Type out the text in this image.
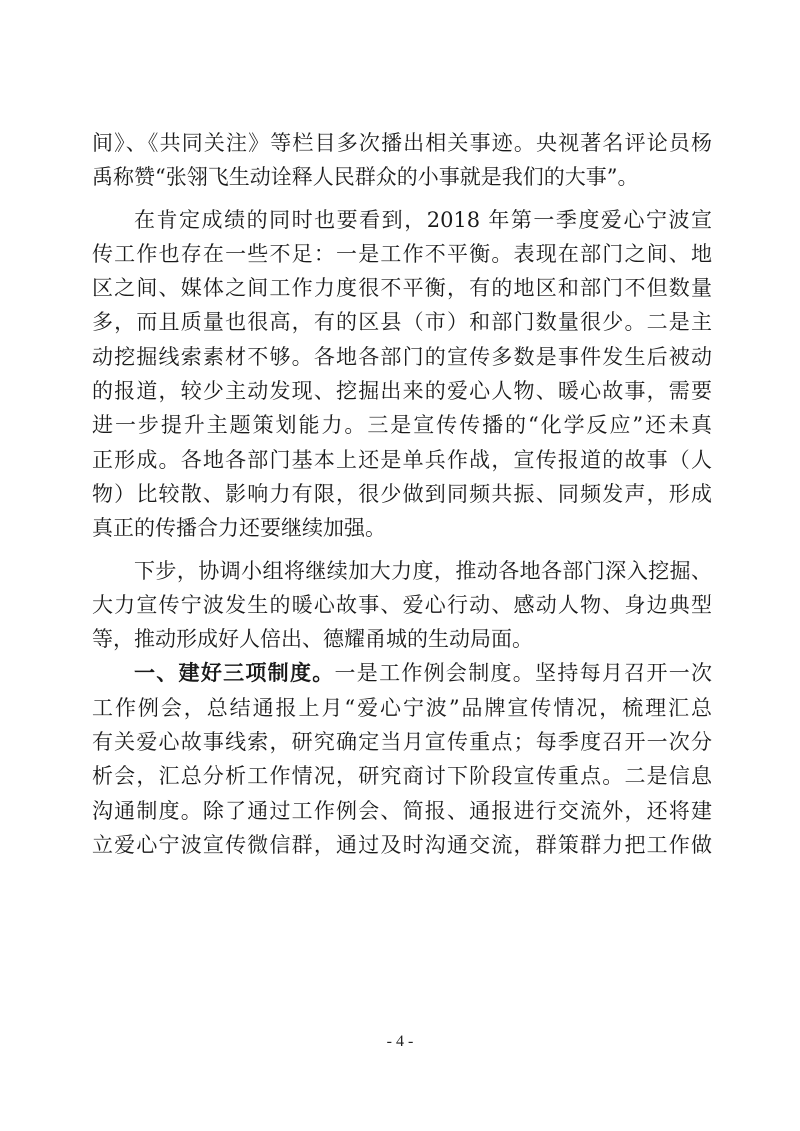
间》、《共同关注》等栏目多次播出相关事迹。央视著名评论员杨
禹称赞“张翎飞生动诠释人民群众的小事就是我们的大事”。
在肯定成绩的同时也要看到，2018 年第一季度爱心宁波宣
传工作也存在一些不足：一是工作不平衡。表现在部门之间、地
区之间、媒体之间工作力度很不平衡，有的地区和部门不但数量
多，而且质量也很高，有的区县（市）和部门数量很少。二是主
动挖掘线索素材不够。各地各部门的宣传多数是事件发生后被动
的报道，较少主动发现、挖掘出来的爱心人物、暖心故事，需要
进一步提升主题策划能力。三是宣传传播的“化学反应”还未真
正形成。各地各部门基本上还是单兵作战，宣传报道的故事（人
物）比较散、影响力有限，很少做到同频共振、同频发声，形成
真正的传播合力还要继续加强。
下步，协调小组将继续加大力度，推动各地各部门深入挖掘、
大力宣传宁波发生的暖心故事、爱心行动、感动人物、身边典型
等，推动形成好人倍出、德耀甬城的生动局面。
一、建好三项制度。一是工作例会制度。坚持每月召开一次
工作例会，总结通报上月“爱心宁波”品牌宣传情况，梳理汇总
有关爱心故事线索，研究确定当月宣传重点；每季度召开一次分
析会，汇总分析工作情况，研究商讨下阶段宣传重点。二是信息
沟通制度。除了通过工作例会、简报、通报进行交流外，还将建
立爱心宁波宣传微信群，通过及时沟通交流，群策群力把工作做
- 4 -
